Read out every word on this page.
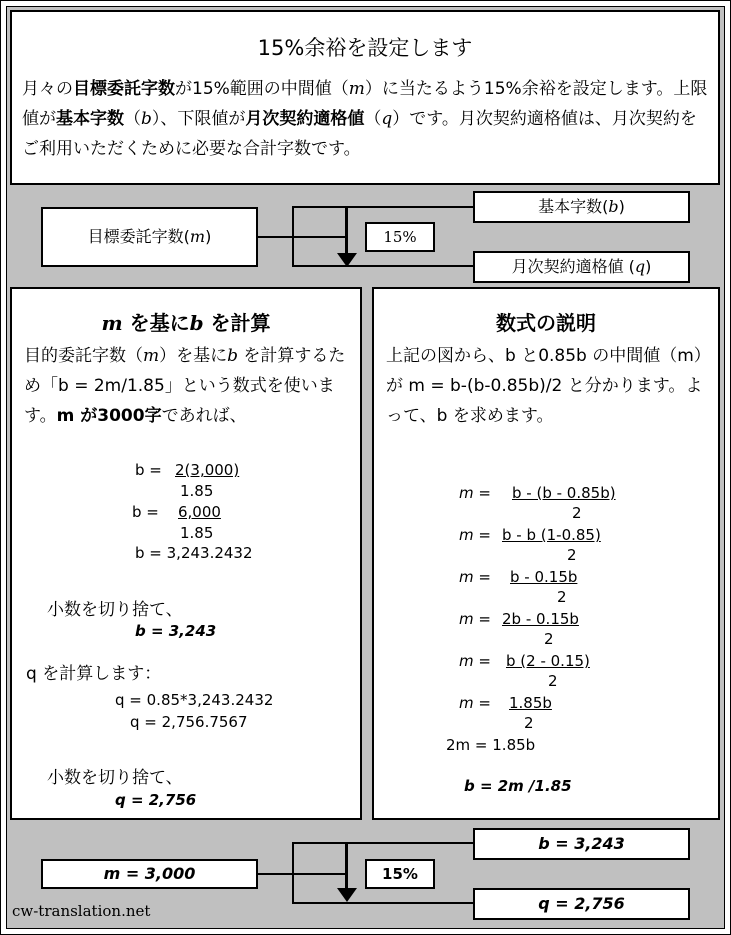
15%余裕を設定します
月々の目標委託字数が15%範囲の中間値（m）に当たるよう15%余裕を設定します。上限値が基本字数（b）、下限値が月次契約適格値（q）です。月次契約適格値は、月次契約をご利用いただくために必要な合計字数です。
目標委託字数(m)	15%
基本字数(b)
月次契約適格値 (q)
m を基にb を計算
目的委託字数（m）を基にb を計算するため「b = 2m/1.85」という数式を使います。m が3000字であれば、
b = 2(3,000)
1.85
b = 6,000
1.85
b = 3,243.2432
小数を切り捨て、
b = 3,243
q を計算します：
q = 0.85*3,243.2432
q = 2,756.7567
小数を切り捨て、
q = 2,756
数式の説明
上記の図から、b と0.85b の中間値（m）が m = b-(b-0.85b)/2 と分かります。よって、b を求めます。
m = b - (b - 0.85b)
2
m = b - b (1-0.85)
2
m = b - 0.15b
2
m = 2b - 0.15b
2
m = b (2 - 0.15)
2
m = 1.85b
2
2m = 1.85b
b = 2m /1.85
m = 3,000	15%
b = 3,243
q = 2,756
cw-translation.net
